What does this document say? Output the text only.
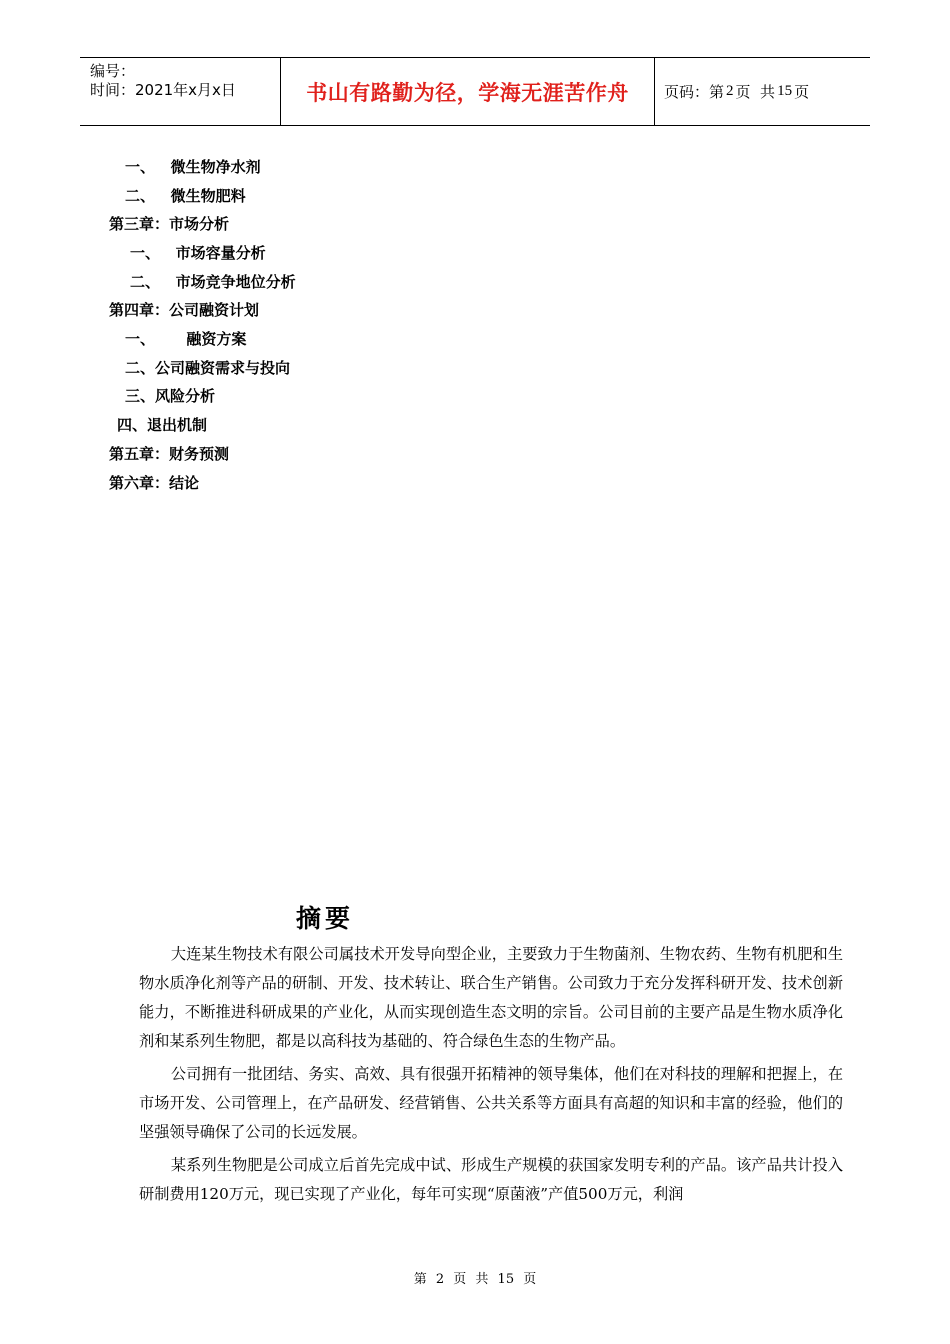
编号：
时间：2021年x月x日	书山有路勤为径，学海无涯苦作舟 页码：第 2 页  共 15 页
一、   微生物净水剂
二、   微生物肥料
第三章：市场分析
一、   市场容量分析
二、   市场竞争地位分析
第四章：公司融资计划
一、      融资方案
二、公司融资需求与投向
三、风险分析
四、退出机制
第五章：财务预测
第六章：结论
摘要

大连某生物技术有限公司属技术开发导向型企业，主要致力于生物菌剂、生物农药、生物有机肥和生物水质净化剂等产品的研制、开发、技术转让、联合生产销售。公司致力于充分发挥科研开发、技术创新能力，不断推进科研成果的产业化，从而实现创造生态文明的宗旨。公司目前的主要产品是生物水质净化剂和某系列生物肥，都是以高科技为基础的、符合绿色生态的生物产品。

公司拥有一批团结、务实、高效、具有很强开拓精神的领导集体，他们在对科技的理解和把握上，在市场开发、公司管理上，在产品研发、经营销售、公共关系等方面具有高超的知识和丰富的经验，他们的坚强领导确保了公司的长远发展。

某系列生物肥是公司成立后首先完成中试、形成生产规模的获国家发明专利的产品。该产品共计投入研制费用120万元，现已实现了产业化，每年可实现“原菌液”产值500万元，利润

第 2 页 共 15 页
